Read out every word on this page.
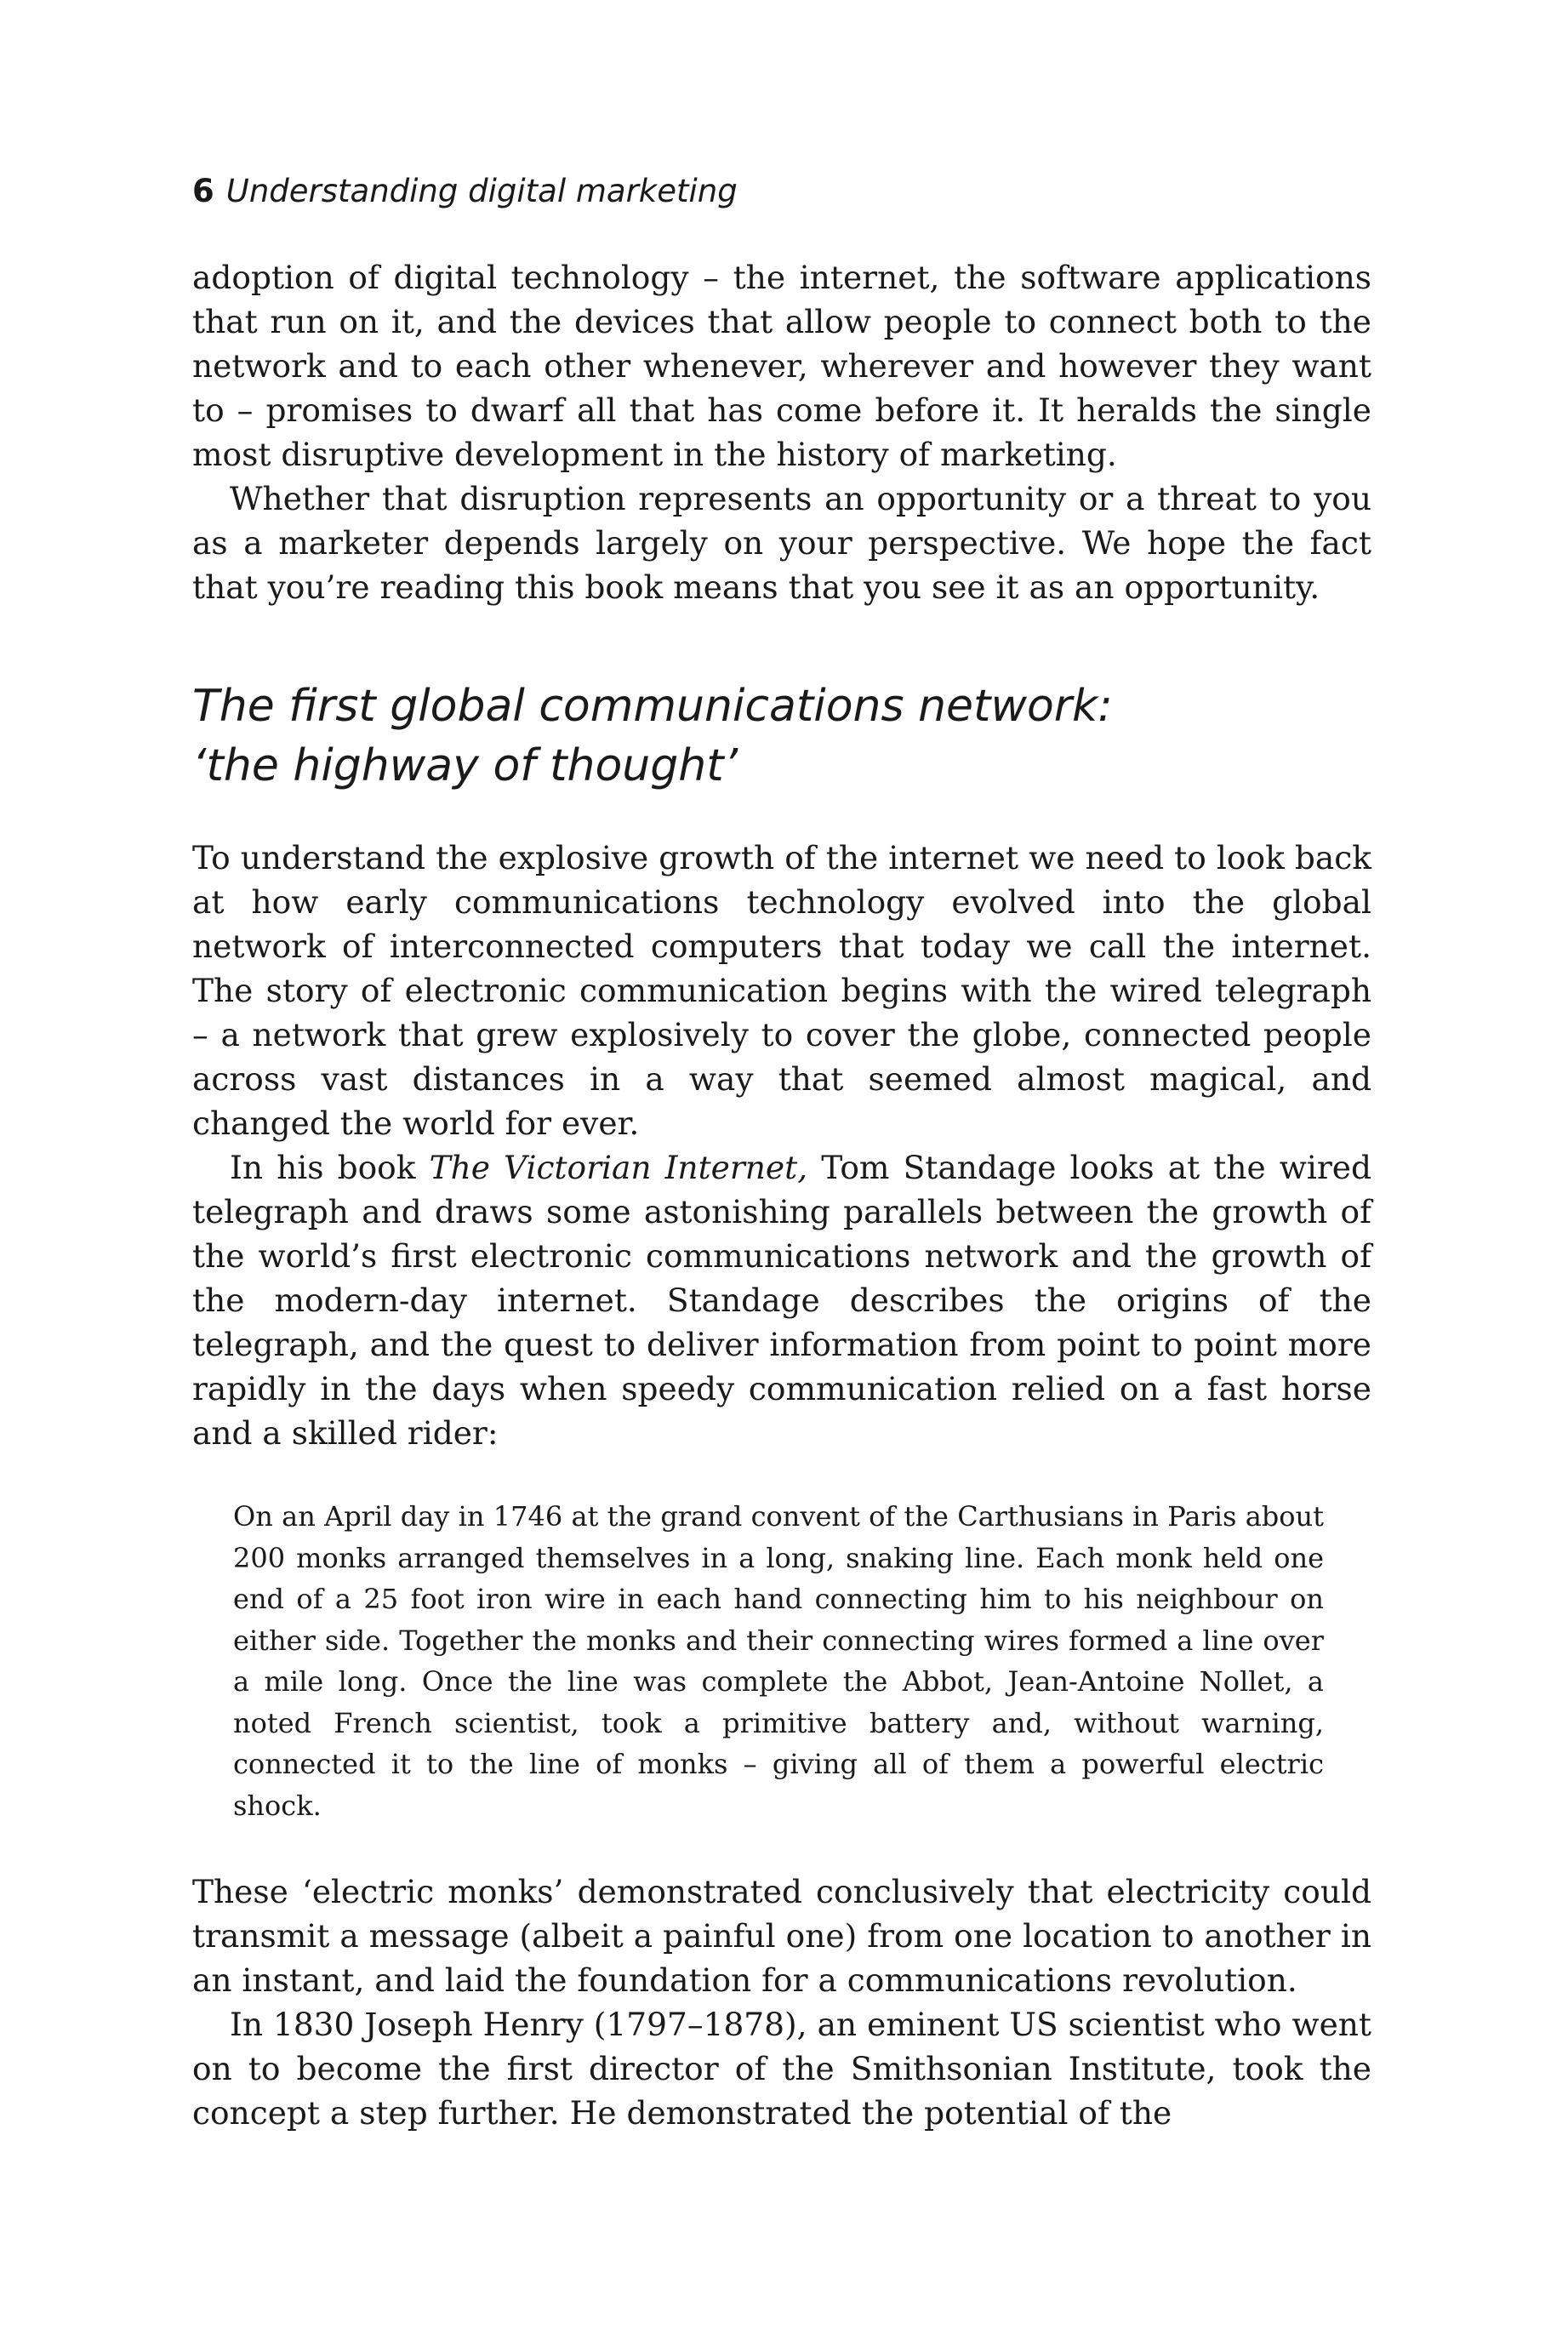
6 Understanding digital marketing

adoption of digital technology – the internet, the software applications that run on it, and the devices that allow people to connect both to the network and to each other whenever, wherever and however they want to – promises to dwarf all that has come before it. It heralds the single most disruptive development in the history of marketing.

Whether that disruption represents an opportunity or a threat to you as a marketer depends largely on your perspective. We hope the fact that you’re reading this book means that you see it as an opportunity.

The first global communications network:
‘the highway of thought’

To understand the explosive growth of the internet we need to look back at how early communications technology evolved into the global network of interconnected computers that today we call the internet. The story of electronic communication begins with the wired telegraph – a network that grew explosively to cover the globe, connected people across vast distances in a way that seemed almost magical, and changed the world for ever.

In his book The Victorian Internet, Tom Standage looks at the wired telegraph and draws some astonishing parallels between the growth of the world’s first electronic communications network and the growth of the modern-day internet. Standage describes the origins of the telegraph, and the quest to deliver information from point to point more rapidly in the days when speedy communication relied on a fast horse and a skilled rider:

On an April day in 1746 at the grand convent of the Carthusians in Paris about 200 monks arranged themselves in a long, snaking line. Each monk held one end of a 25 foot iron wire in each hand connecting him to his neighbour on either side. Together the monks and their connecting wires formed a line over a mile long. Once the line was complete the Abbot, Jean-Antoine Nollet, a noted French scientist, took a primitive battery and, without warning, connected it to the line of monks – giving all of them a powerful electric shock.

These ‘electric monks’ demonstrated conclusively that electricity could transmit a message (albeit a painful one) from one location to another in an instant, and laid the foundation for a communications revolution.

In 1830 Joseph Henry (1797–1878), an eminent US scientist who went on to become the first director of the Smithsonian Institute, took the concept a step further. He demonstrated the potential of the
